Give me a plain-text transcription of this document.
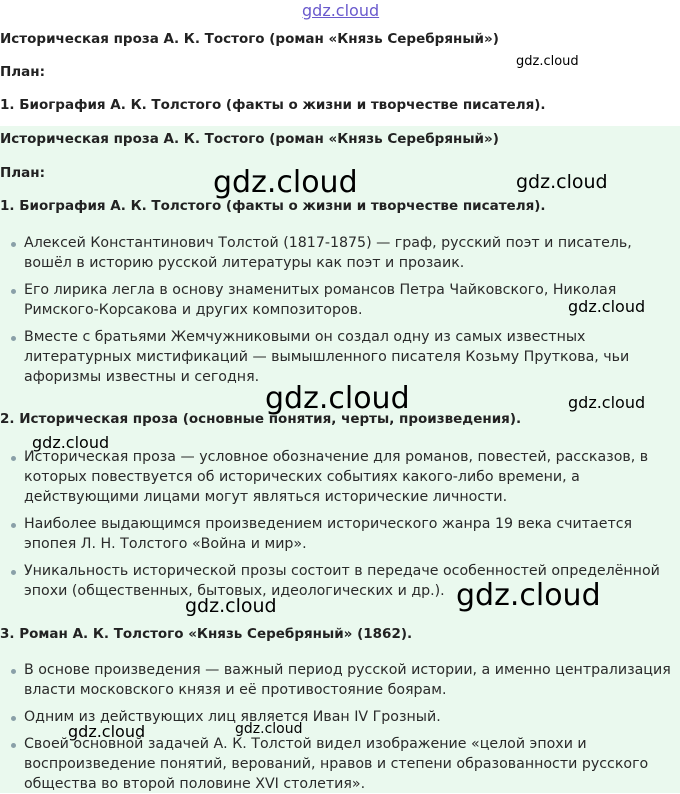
Историческая проза А. К. Тостого (роман «Князь Серебряный»)
План:
1. Биография А. К. Толстого (факты о жизни и творчестве писателя).
Историческая проза А. К. Тостого (роман «Князь Серебряный»)
План:
1. Биография А. К. Толстого (факты о жизни и творчестве писателя).
Алексей Константинович Толстой (1817-1875) — граф, русский поэт и писатель, вошёл в историю русской литературы как поэт и прозаик.
Его лирика легла в основу знаменитых романсов Петра Чайковского, Николая Римского-Корсакова и других композиторов.
Вместе с братьями Жемчужниковыми он создал одну из самых известных литературных мистификаций — вымышленного писателя Козьму Пруткова, чьи афоризмы известны и сегодня.
2. Историческая проза (основные понятия, черты, произведения).
Историческая проза — условное обозначение для романов, повестей, рассказов, в которых повествуется об исторических событиях какого-либо времени, а действующими лицами могут являться исторические личности.
Наиболее выдающимся произведением исторического жанра 19 века считается эпопея Л. Н. Толстого «Война и мир».
Уникальность исторической прозы состоит в передаче особенностей определённой эпохи (общественных, бытовых, идеологических и др.).
3. Роман А. К. Толстого «Князь Серебряный» (1862).
В основе произведения — важный период русской истории, а именно централизация власти московского князя и её противостояние боярам.
Одним из действующих лиц является Иван IV Грозный.
Своей основной задачей А. К. Толстой видел изображение «целой эпохи и воспроизведение понятий, верований, нравов и степени образованности русского общества во второй половине XVI столетия».
gdz.cloud
gdz.cloud
gdz.cloud	gdz.cloud
gdz.cloud
gdz.cloud	gdz.cloud
gdz.cloud
gdz.cloud
gdz.cloud
gdz.cloud
gdz.cloud
